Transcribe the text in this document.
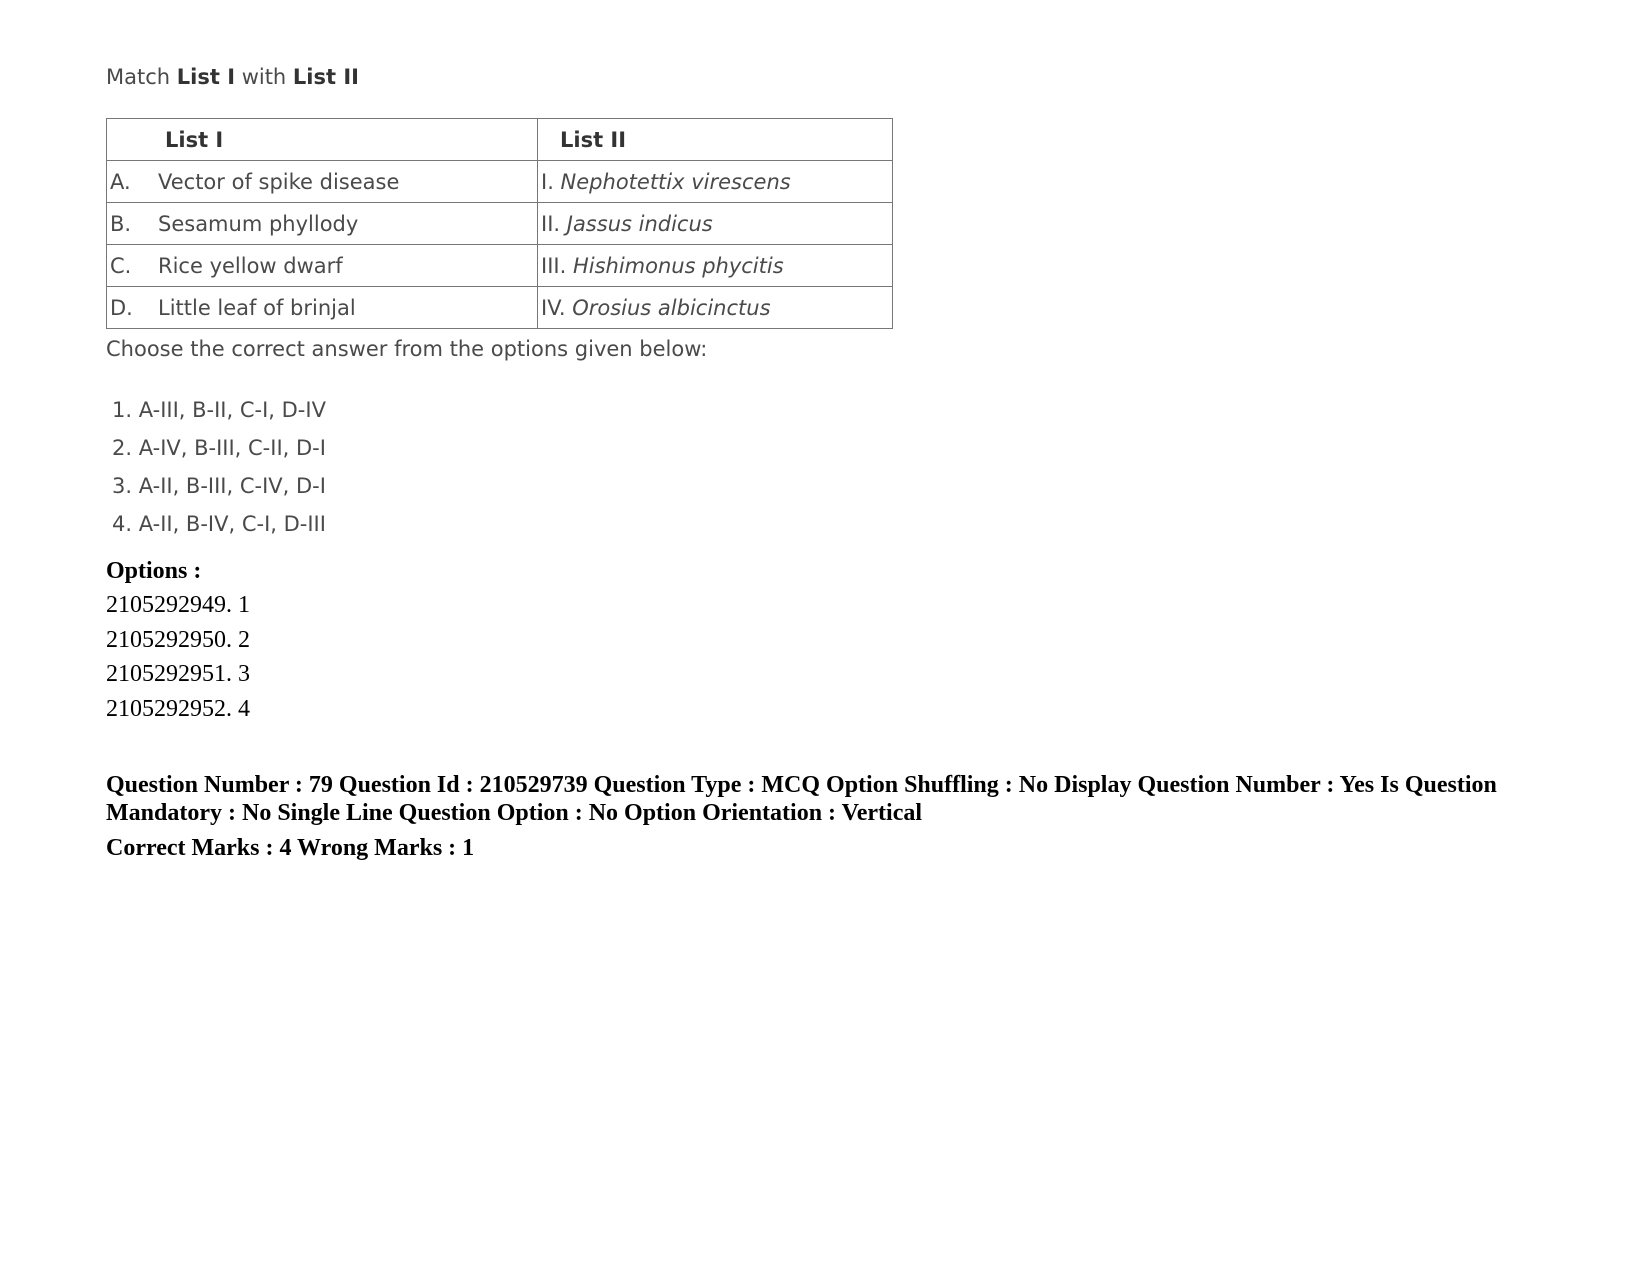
Match List I with List II
List I	List II
A. Vector of spike disease	I. Nephotettix virescens
B. Sesamum phyllody	II. Jassus indicus
C. Rice yellow dwarf	III. Hishimonus phycitis
D. Little leaf of brinjal	IV. Orosius albicinctus
Choose the correct answer from the options given below:
1. A-III, B-II, C-I, D-IV
2. A-IV, B-III, C-II, D-I
3. A-II, B-III, C-IV, D-I
4. A-II, B-IV, C-I, D-III
Options :
2105292949. 1
2105292950. 2
2105292951. 3
2105292952. 4
Question Number : 79 Question Id : 210529739 Question Type : MCQ Option Shuffling : No Display Question Number : Yes Is Question Mandatory : No Single Line Question Option : No Option Orientation : Vertical
Correct Marks : 4 Wrong Marks : 1
